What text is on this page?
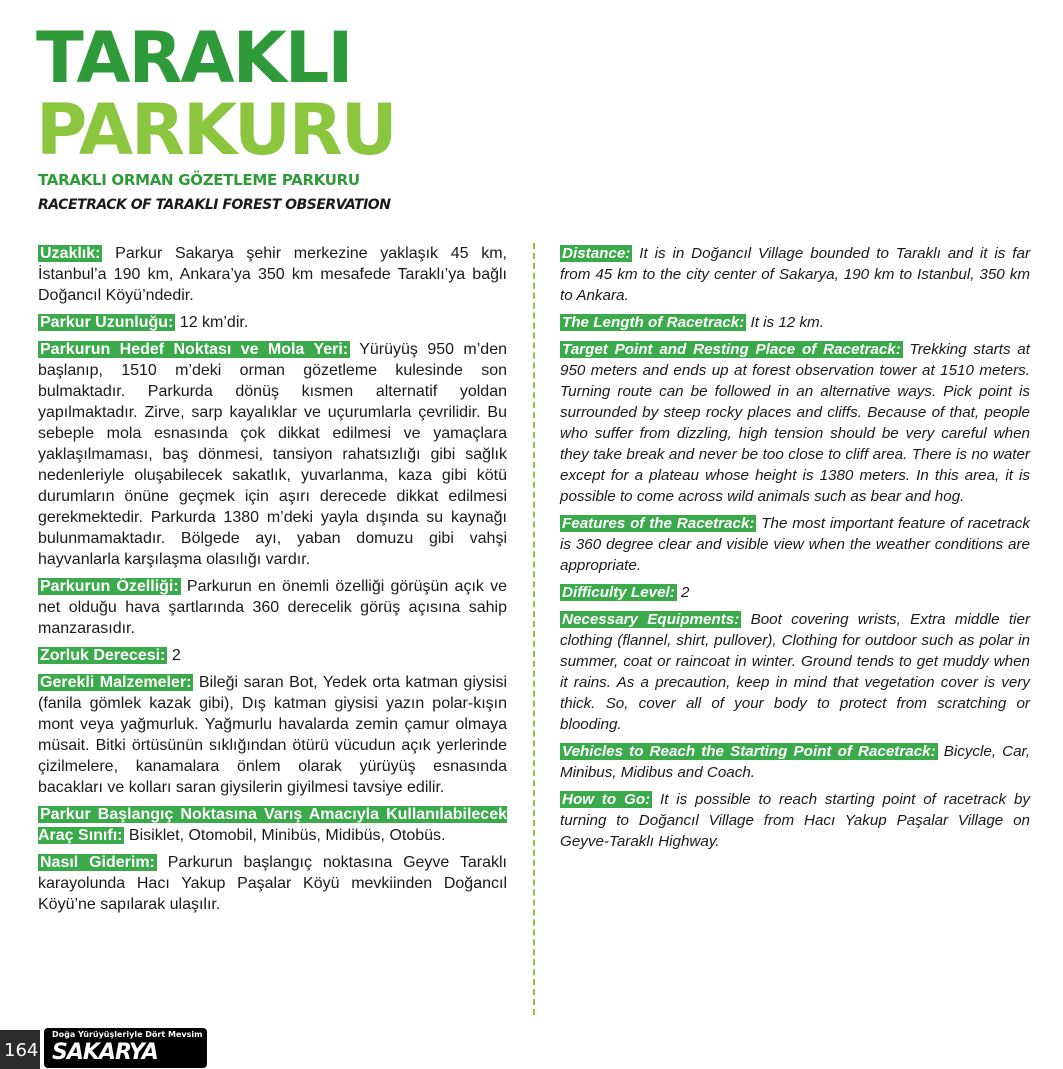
TARAKLI
PARKURU
TARAKLI ORMAN GÖZETLEME PARKURU
RACETRACK OF TARAKLI FOREST OBSERVATION

Uzaklık: Parkur Sakarya şehir merkezine yaklaşık 45 km, İstanbul’a 190 km, Ankara’ya 350 km mesafede Taraklı’ya bağlı Doğancıl Köyü’ndedir.

Parkur Uzunluğu: 12 km’dir.

Parkurun Hedef Noktası ve Mola Yeri: Yürüyüş 950 m’den başlanıp, 1510 m’deki orman gözetleme kulesinde son bulmaktadır. Parkurda dönüş kısmen alternatif yoldan yapılmaktadır. Zirve, sarp kayalıklar ve uçurumlarla çevrilidir. Bu sebeple mola esnasında çok dikkat edilmesi ve yamaçlara yaklaşılmaması, baş dönmesi, tansiyon rahatsızlığı gibi sağlık nedenleriyle oluşabilecek sakatlık, yuvarlanma, kaza gibi kötü durumların önüne geçmek için aşırı derecede dikkat edilmesi gerekmektedir. Parkurda 1380 m’deki yayla dışında su kaynağı bulunmamaktadır. Bölgede ayı, yaban domuzu gibi vahşi hayvanlarla karşılaşma olasılığı vardır.

Parkurun Özelliği: Parkurun en önemli özelliği görüşün açık ve net olduğu hava şartlarında 360 derecelik görüş açısına sahip manzarasıdır.

Zorluk Derecesi: 2

Gerekli Malzemeler: Bileği saran Bot, Yedek orta katman giysisi (fanila gömlek kazak gibi), Dış katman giysisi yazın polar-kışın mont veya yağmurluk. Yağmurlu havalarda zemin çamur olmaya müsait. Bitki örtüsünün sıklığından ötürü vücudun açık yerlerinde çizilmelere, kanamalara önlem olarak yürüyüş esnasında bacakları ve kolları saran giysilerin giyilmesi tavsiye edilir.

Parkur Başlangıç Noktasına Varış Amacıyla Kullanılabilecek Araç Sınıfı: Bisiklet, Otomobil, Minibüs, Midibüs, Otobüs.

Nasıl Giderim: Parkurun başlangıç noktasına Geyve Taraklı karayolunda Hacı Yakup Paşalar Köyü mevkiinden Doğancıl Köyü’ne sapılarak ulaşılır.

Distance: It is in Doğancıl Village bounded to Taraklı and it is far from 45 km to the city center of Sakarya, 190 km to Istanbul, 350 km to Ankara.

The Length of Racetrack: It is 12 km.

Target Point and Resting Place of Racetrack: Trekking starts at 950 meters and ends up at forest observation tower at 1510 meters. Turning route can be followed in an alternative ways. Pick point is surrounded by steep rocky places and cliffs. Because of that, people who suffer from dizzling, high tension should be very careful when they take break and never be too close to cliff area. There is no water except for a plateau whose height is 1380 meters. In this area, it is possible to come across wild animals such as bear and hog.

Features of the Racetrack: The most important feature of racetrack is 360 degree clear and visible view when the weather conditions are appropriate.

Difficulty Level: 2

Necessary Equipments: Boot covering wrists, Extra middle tier clothing (flannel, shirt, pullover), Clothing for outdoor such as polar in summer, coat or raincoat in winter. Ground tends to get muddy when it rains. As a precaution, keep in mind that vegetation cover is very thick. So, cover all of your body to protect from scratching or blooding.

Vehicles to Reach the Starting Point of Racetrack: Bicycle, Car, Minibus, Midibus and Coach.

How to Go: It is possible to reach starting point of racetrack by turning to Doğancıl Village from Hacı Yakup Paşalar Village on Geyve-Taraklı Highway.

164
Doğa Yürüyüşleriyle Dört Mevsim
SAKARYA
